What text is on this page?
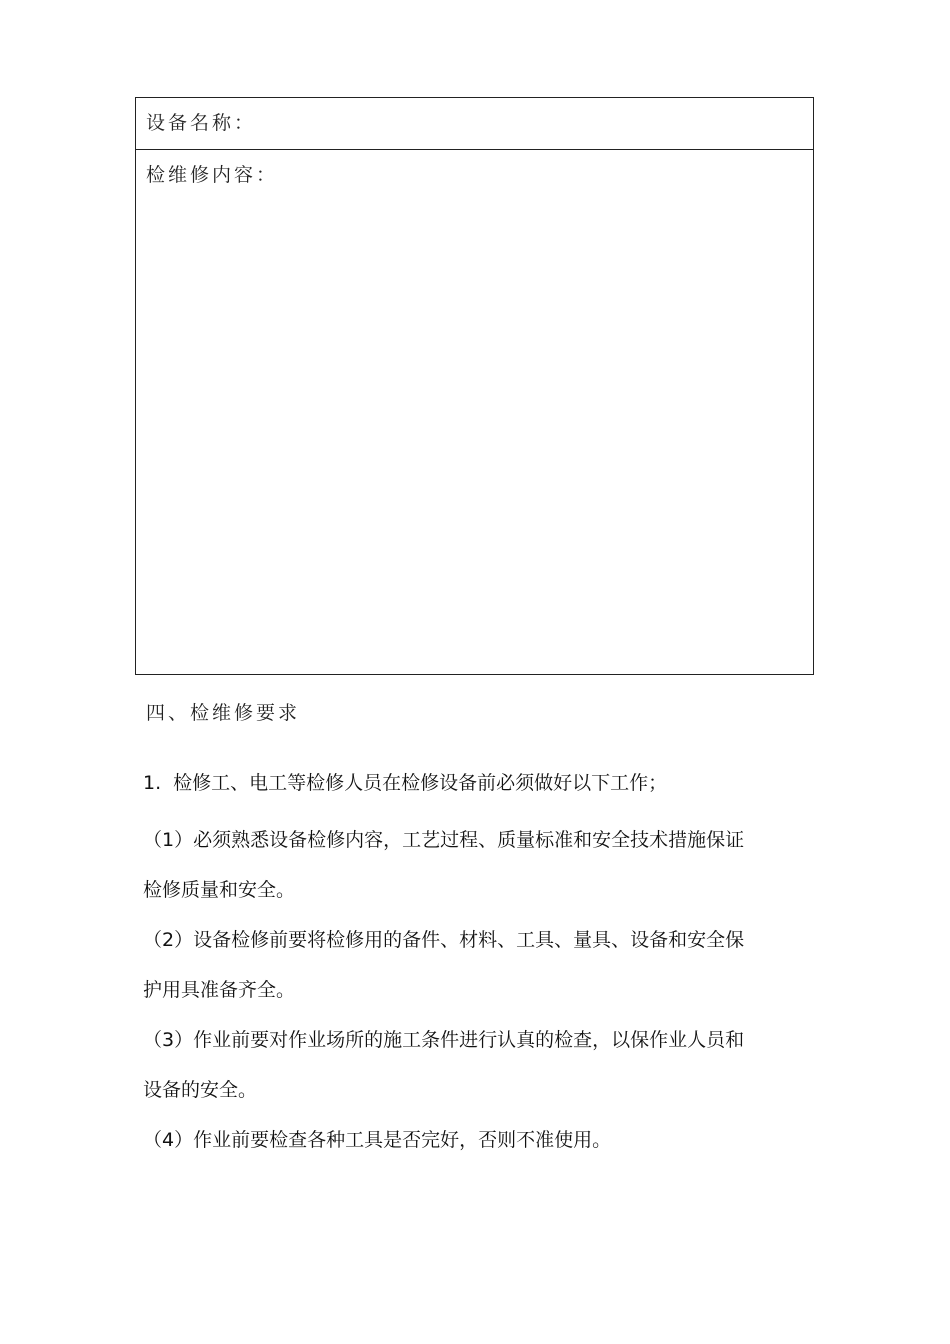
设备名称：
检维修内容：
四、检维修要求
1. 检修工、电工等检修人员在检修设备前必须做好以下工作；
（1）必须熟悉设备检修内容，工艺过程、质量标准和安全技术措施保证
检修质量和安全。
（2）设备检修前要将检修用的备件、材料、工具、量具、设备和安全保
护用具准备齐全。
（3）作业前要对作业场所的施工条件进行认真的检查，以保作业人员和
设备的安全。
（4）作业前要检查各种工具是否完好，否则不准使用。
